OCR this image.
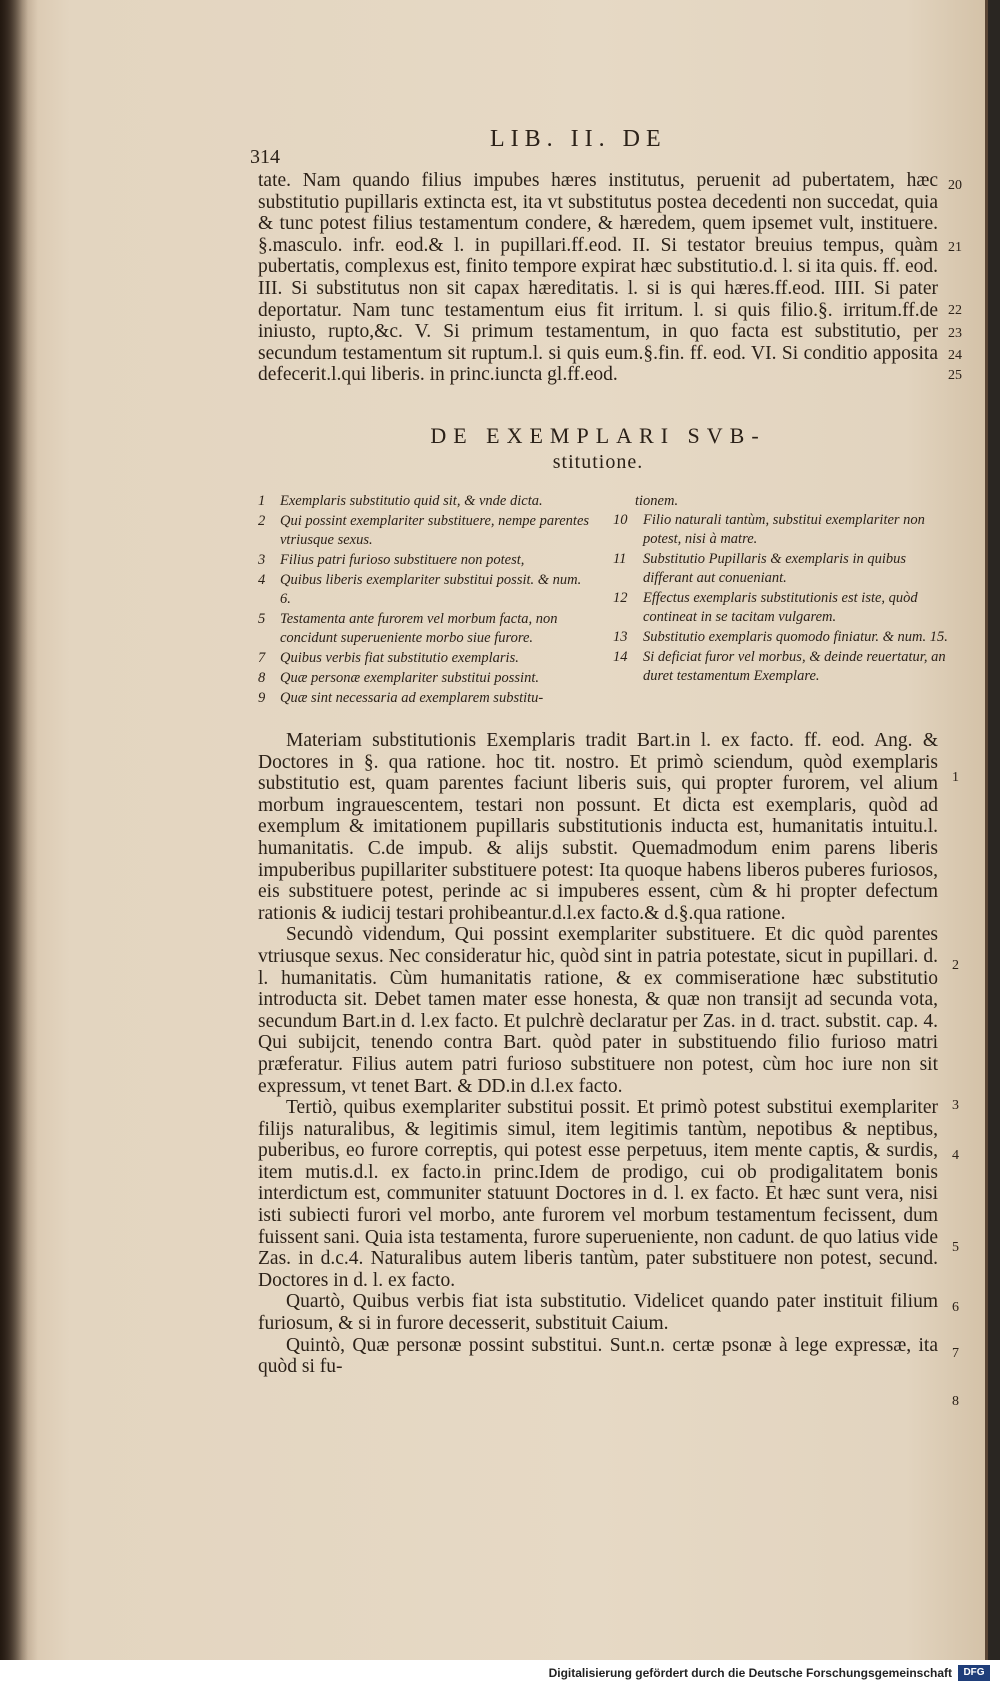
314
LIB. II. DE

tate. Nam quando filius impubes hæres institutus, peruenit ad pubertatem, hæc substitutio pupillaris extincta est, ita vt substitutus postea decedenti non succedat, quia & tunc potest filius testamentum condere, & hæredem, quem ipsemet vult, instituere. §.masculo. infr. eod.& l. in pupillari.ff.eod. II. Si testator breuius tempus, quàm pubertatis, complexus est, finito tempore expirat hæc substitutio.d. l. si ita quis. ff. eod. III. Si substitutus non sit capax hæreditatis. l. si is qui hæres.ff.eod. IIII. Si pater deportatur. Nam tunc testamentum eius fit irritum. l. si quis filio.§. irritum.ff.de iniusto, rupto,&c. V. Si primum testamentum, in quo facta est substitutio, per secundum testamentum sit ruptum.l. si quis eum.§.fin. ff. eod. VI. Si conditio apposita defecerit.l.qui liberis. in princ.iuncta gl.ff.eod.

20
21
22
23
24
25
DE EXEMPLARI SVB-
stitutione.
1	Exemplaris substitutio quid sit, & vnde dicta.
2	Qui possint exemplariter substituere, nempe parentes vtriusque sexus.
3	Filius patri furioso substituere non potest,
4	Quibus liberis exemplariter substitui possit. & num. 6.
5	Testamenta ante furorem vel morbum facta, non concidunt superueniente morbo siue furore.
7	Quibus verbis fiat substitutio exemplaris.
8	Quæ personæ exemplariter substitui possint.
9	Quæ sint necessaria ad exemplarem substitu-
tionem.
10	Filio naturali tantùm, substitui exemplariter non potest, nisi à matre.
11	Substitutio Pupillaris & exemplaris in quibus differant aut conueniant.
12	Effectus exemplaris substitutionis est iste, quòd contineat in se tacitam vulgarem.
13	Substitutio exemplaris quomodo finiatur. & num. 15.
14	Si deficiat furor vel morbus, & deinde reuertatur, an duret testamentum Exemplare.

Materiam substitutionis Exemplaris tradit Bart.in l. ex facto. ff. eod. Ang. & Doctores in §. qua ratione. hoc tit. nostro. Et primò sciendum, quòd exemplaris substitutio est, quam parentes faciunt liberis suis, qui propter furorem, vel alium morbum ingrauescentem, testari non possunt. Et dicta est exemplaris, quòd ad exemplum & imitationem pupillaris substitutionis inducta est, humanitatis intuitu.l. humanitatis. C.de impub. & alijs substit. Quemadmodum enim parens liberis impuberibus pupillariter substituere potest: Ita quoque habens liberos puberes furiosos, eis substituere potest, perinde ac si impuberes essent, cùm & hi propter defectum rationis & iudicij testari prohibeantur.d.l.ex facto.& d.§.qua ratione.

Secundò videndum, Qui possint exemplariter substituere. Et dic quòd parentes vtriusque sexus. Nec consideratur hic, quòd sint in patria potestate, sicut in pupillari. d. l. humanitatis. Cùm humanitatis ratione, & ex commiseratione hæc substitutio introducta sit. Debet tamen mater esse honesta, & quæ non transijt ad secunda vota, secundum Bart.in d. l.ex facto. Et pulchrè declaratur per Zas. in d. tract. substit. cap. 4. Qui subijcit, tenendo contra Bart. quòd pater in substituendo filio furioso matri præferatur. Filius autem patri furioso substituere non potest, cùm hoc iure non sit expressum, vt tenet Bart. & DD.in d.l.ex facto.

Tertiò, quibus exemplariter substitui possit. Et primò potest substitui exemplariter filijs naturalibus, & legitimis simul, item legitimis tantùm, nepotibus & neptibus, puberibus, eo furore correptis, qui potest esse perpetuus, item mente captis, & surdis, item mutis.d.l. ex facto.in princ.Idem de prodigo, cui ob prodigalitatem bonis interdictum est, communiter statuunt Doctores in d. l. ex facto. Et hæc sunt vera, nisi isti subiecti furori vel morbo, ante furorem vel morbum testamentum fecissent, dum fuissent sani. Quia ista testamenta, furore superueniente, non cadunt. de quo latius vide Zas. in d.c.4. Naturalibus autem liberis tantùm, pater substituere non potest, secund. Doctores in d. l. ex facto.

Quartò, Quibus verbis fiat ista substitutio. Videlicet quando pater instituit filium furiosum, & si in furore decesserit, substituit Caium.

Quintò, Quæ personæ possint substitui. Sunt.n. certæ psonæ à lege expressæ, ita quòd si fu-

1
2
3
4
5
6
7
8
Digitalisierung gefördert durch die Deutsche Forschungsgemeinschaft	DFG
